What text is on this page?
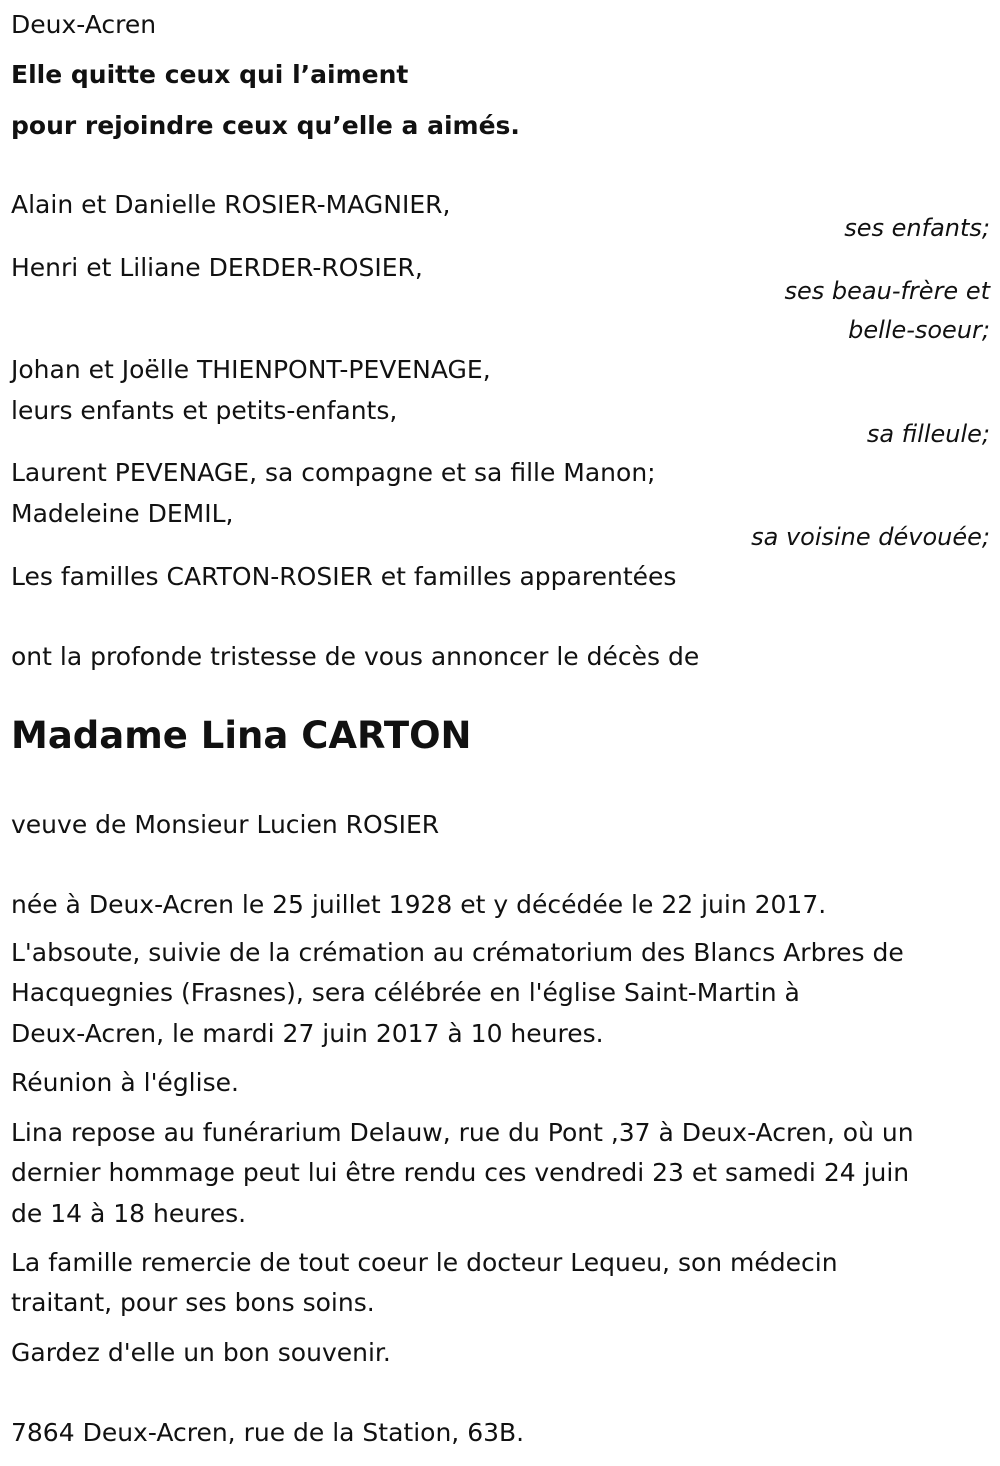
Deux-Acren
Elle quitte ceux qui l’aiment
pour rejoindre ceux qu’elle a aimés.
Alain et Danielle ROSIER-MAGNIER,
ses enfants;
Henri et Liliane DERDER-ROSIER,
ses beau-frère et
belle-soeur;
Johan et Joëlle THIENPONT-PEVENAGE,
leurs enfants et petits-enfants,
sa filleule;
Laurent PEVENAGE, sa compagne et sa fille Manon;
Madeleine DEMIL,
sa voisine dévouée;
Les familles CARTON-ROSIER et familles apparentées
ont la profonde tristesse de vous annoncer le décès de
Madame Lina CARTON
veuve de Monsieur Lucien ROSIER
née à Deux-Acren le 25 juillet 1928 et y décédée le 22 juin 2017.
L'absoute, suivie de la crémation au crématorium des Blancs Arbres de
Hacquegnies (Frasnes), sera célébrée en l'église Saint-Martin à
Deux-Acren, le mardi 27 juin 2017 à 10 heures.
Réunion à l'église.
Lina repose au funérarium Delauw, rue du Pont ,37 à Deux-Acren, où un
dernier hommage peut lui être rendu ces vendredi 23 et samedi 24 juin
de 14 à 18 heures.
La famille remercie de tout coeur le docteur Lequeu, son médecin
traitant, pour ses bons soins.
Gardez d'elle un bon souvenir.
7864 Deux-Acren, rue de la Station, 63B.
